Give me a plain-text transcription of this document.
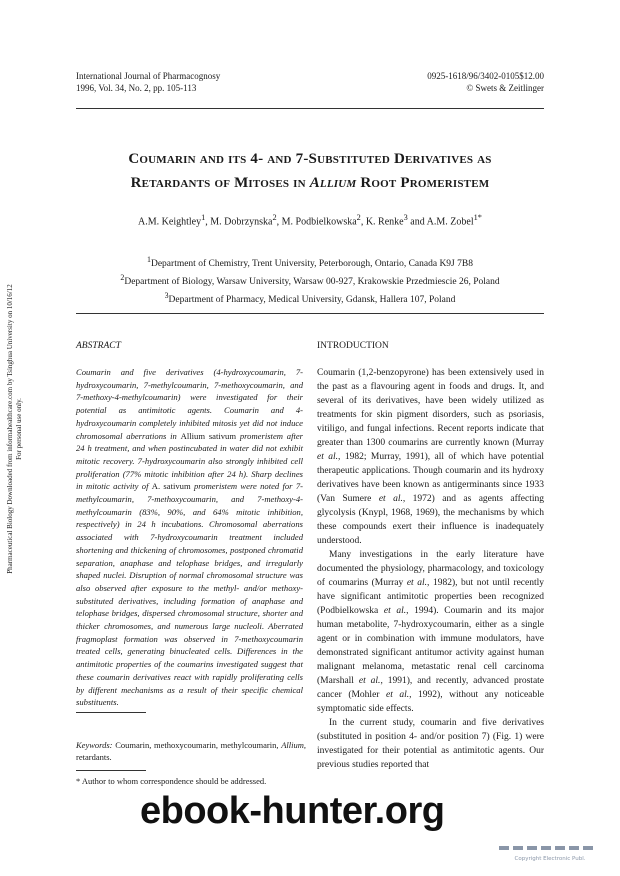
Pharmaceutical Biology Downloaded from informahealthcare.com by Tsinghua University on 10/16/12 For personal use only.
International Journal of Pharmacognosy
1996, Vol. 34, No. 2, pp. 105-113
0925-1618/96/3402-0105$12.00
© Swets & Zeitlinger
Coumarin and its 4- and 7-Substituted Derivatives as
Retardants of Mitoses in Allium Root Promeristem
A.M. Keightley$^1$, M. Dobrzynska$^2$, M. Podbielkowska$^2$, K. Renke$^3$ and A.M. Zobel$^{1*}$
$^1$Department of Chemistry, Trent University, Peterborough, Ontario, Canada K9J 7B8
$^2$Department of Biology, Warsaw University, Warsaw 00-927, Krakowskie Przedmiescie 26, Poland
$^3$Department of Pharmacy, Medical University, Gdansk, Hallera 107, Poland
ABSTRACT
Coumarin and five derivatives (4-hydroxycoumarin, 7-hydroxycoumarin, 7-methylcoumarin, 7-methoxycoumarin, and 7-methoxy-4-methylcoumarin) were investigated for their potential as antimitotic agents. Coumarin and 4-hydroxycoumarin completely inhibited mitosis yet did not induce chromosomal aberrations in Allium sativum promeristem after 24 h treatment, and when postincubated in water did not exhibit mitotic recovery. 7-hydroxycoumarin also strongly inhibited cell proliferation (77% mitotic inhibition after 24 h). Sharp declines in mitotic activity of A. sativum promeristem were noted for 7-methylcoumarin, 7-methoxycoumarin, and 7-methoxy-4-methylcoumarin (83%, 90%, and 64% mitotic inhibition, respectively) in 24 h incubations. Chromosomal aberrations associated with 7-hydroxycoumarin treatment included shortening and thickening of chromosomes, postponed chromatid separation, anaphase and telophase bridges, and irregularly shaped nuclei. Disruption of normal chromosomal structure was also observed after exposure to the methyl- and/or methoxy-substituted derivatives, including formation of anaphase and telophase bridges, dispersed chromosomal structure, shorter and thicker chromosomes, and numerous large nucleoli. Aberrated fragmoplast formation was observed in 7-methoxycoumarin treated cells, generating binucleated cells. Differences in the antimitotic properties of the coumarins investigated suggest that these coumarin derivatives react with rapidly proliferating cells by different mechanisms as a result of their specific chemical substituents.
Keywords: Coumarin, methoxycoumarin, methylcoumarin, Allium, retardants.
* Author to whom correspondence should be addressed.
INTRODUCTION

Coumarin (1,2-benzopyrone) has been extensively used in the past as a flavouring agent in foods and drugs. It, and several of its derivatives, have been widely utilized as treatments for skin pigment disorders, such as psoriasis, vitiligo, and fungal infections. Recent reports indicate that greater than 1300 coumarins are currently known (Murray et al., 1982; Murray, 1991), all of which have potential therapeutic applications. Though coumarin and its hydroxy derivatives have been known as antigerminants since 1933 (Van Sumere et al., 1972) and as agents affecting glycolysis (Knypl, 1968, 1969), the mechanisms by which these compounds exert their influence is inadequately understood.

Many investigations in the early literature have documented the physiology, pharmacology, and toxicology of coumarins (Murray et al., 1982), but not until recently have significant antimitotic properties been recognized (Podbielkowska et al., 1994). Coumarin and its major human metabolite, 7-hydroxycoumarin, either as a single agent or in combination with immune modulators, have demonstrated significant antitumor activity against human malignant melanoma, metastatic renal cell carcinoma (Marshall et al., 1991), and recently, advanced prostate cancer (Mohler et al., 1992), without any noticeable symptomatic side effects.

In the current study, coumarin and five derivatives (substituted in position 4- and/or position 7) (Fig. 1) were investigated for their potential as antimitotic agents. Our previous studies reported that

ebook-hunter.org
Copyright Electronic Publ.
